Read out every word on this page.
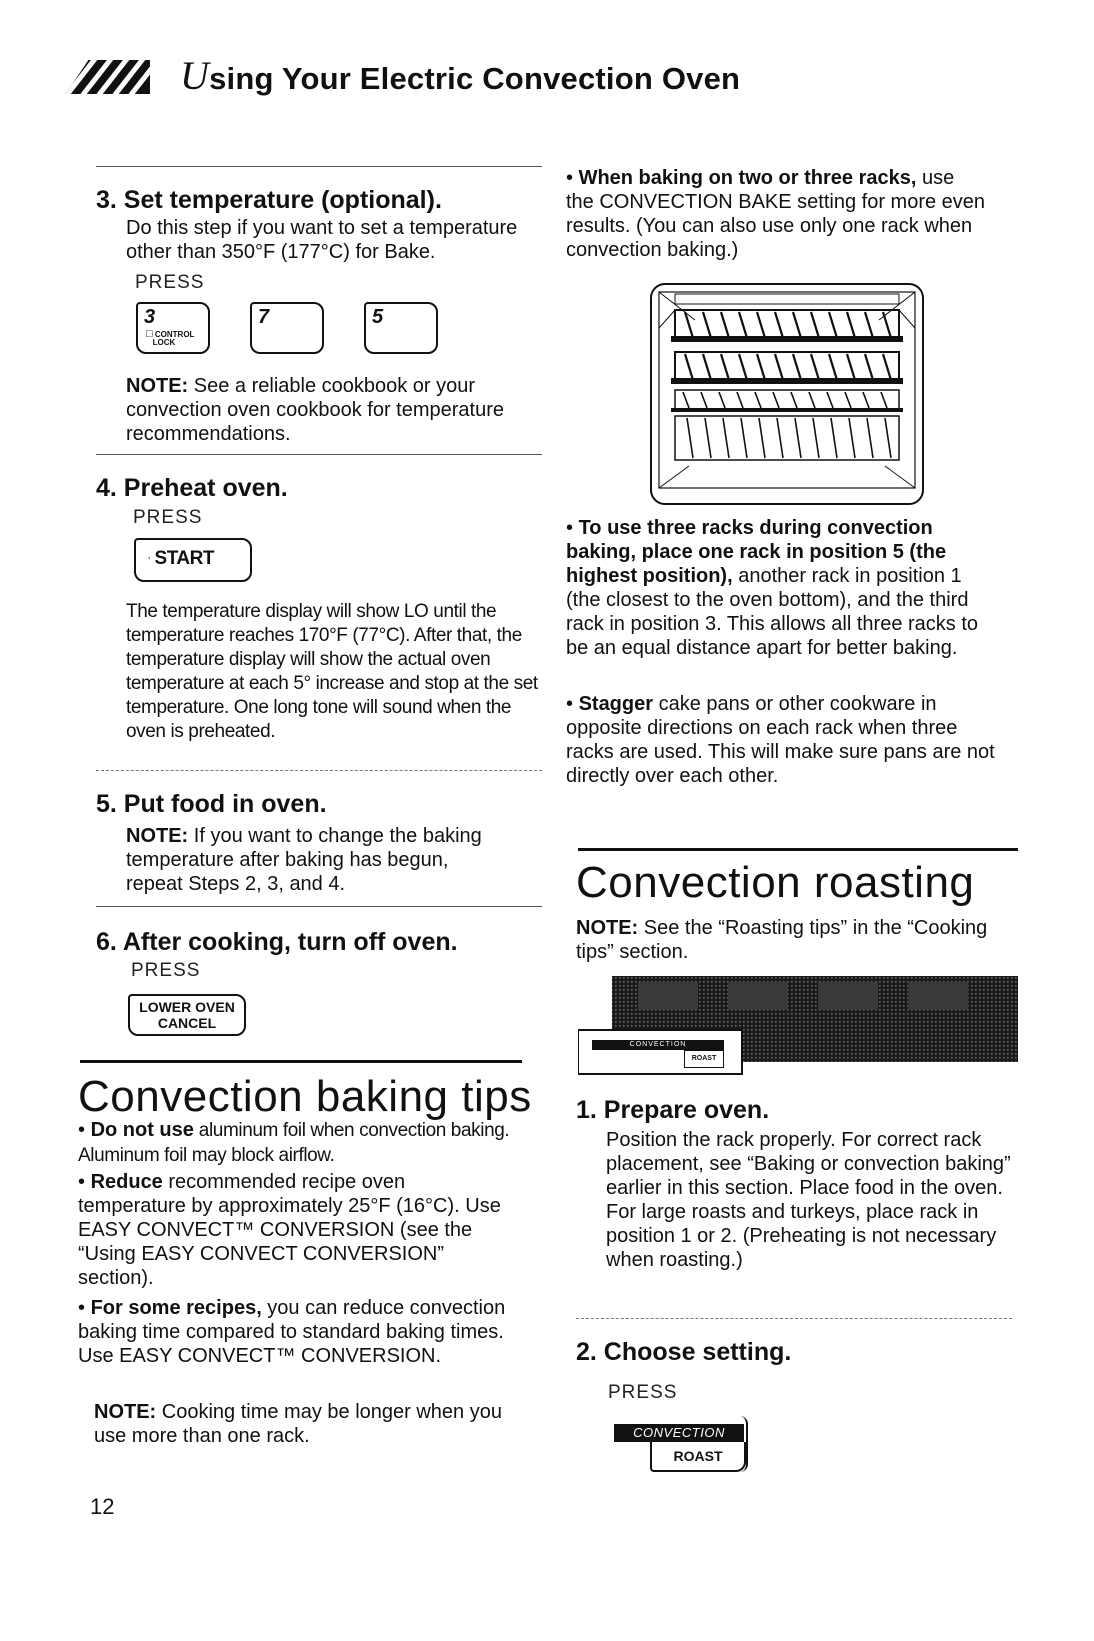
Using Your Electric Convection Oven
3. Set temperature (optional).
Do this step if you want to set a temperature other than 350°F (177°C) for Bake.
PRESS
3
□ CONTROL
LOCK
7	5
NOTE: See a reliable cookbook or your convection oven cookbook for temperature recommendations.
4. Preheat oven.
PRESS
’ START
The temperature display will show LO until the temperature reaches 170°F (77°C). After that, the temperature display will show the actual oven temperature at each 5° increase and stop at the set temperature. One long tone will sound when the oven is preheated.
5. Put food in oven.
NOTE: If you want to change the baking temperature after baking has begun, repeat Steps 2, 3, and 4.
6. After cooking, turn off oven.
PRESS
LOWER OVEN
CANCEL
Convection baking tips
• Do not use aluminum foil when convection baking. Aluminum foil may block airflow.
• Reduce recommended recipe oven temperature by approximately 25°F (16°C). Use EASY CONVECT™ CONVERSION (see the “Using EASY CONVECT CONVERSION” section).
• For some recipes, you can reduce convection baking time compared to standard baking times. Use EASY CONVECT™ CONVERSION.
NOTE: Cooking time may be longer when you use more than one rack.
12
• When baking on two or three racks, use the CONVECTION BAKE setting for more even results. (You can also use only one rack when convection baking.)
• To use three racks during convection baking, place one rack in position 5 (the highest position), another rack in position 1 (the closest to the oven bottom), and the third rack in position 3. This allows all three racks to be an equal distance apart for better baking.
• Stagger cake pans or other cookware in opposite directions on each rack when three racks are used. This will make sure pans are not directly over each other.
Convection roasting
NOTE: See the “Roasting tips” in the “Cooking tips” section.
CONVECTION
ROAST
1. Prepare oven.
Position the rack properly. For correct rack placement, see “Baking or convection baking” earlier in this section. Place food in the oven. For large roasts and turkeys, place rack in position 1 or 2. (Preheating is not necessary when roasting.)
2. Choose setting.
PRESS
CONVECTION
ROAST
